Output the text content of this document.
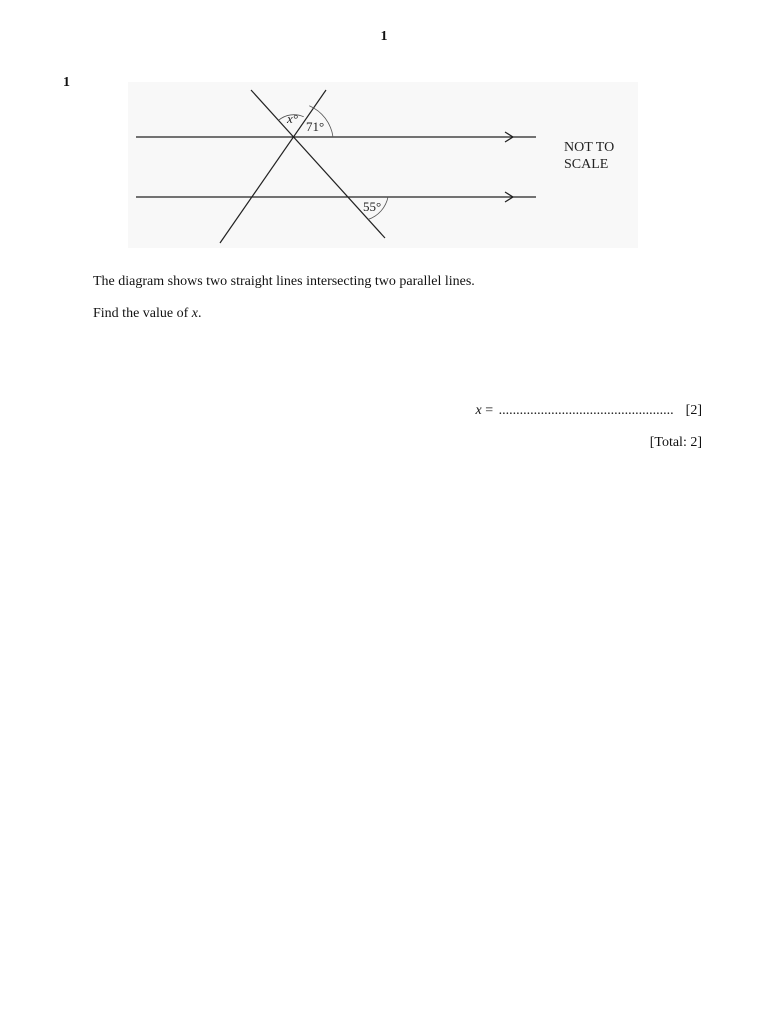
1
1
x°
71°
55°
NOT TO
SCALE
The diagram shows two straight lines intersecting two parallel lines.
Find the value of x.
x = .................................................. [2]
[Total: 2]
